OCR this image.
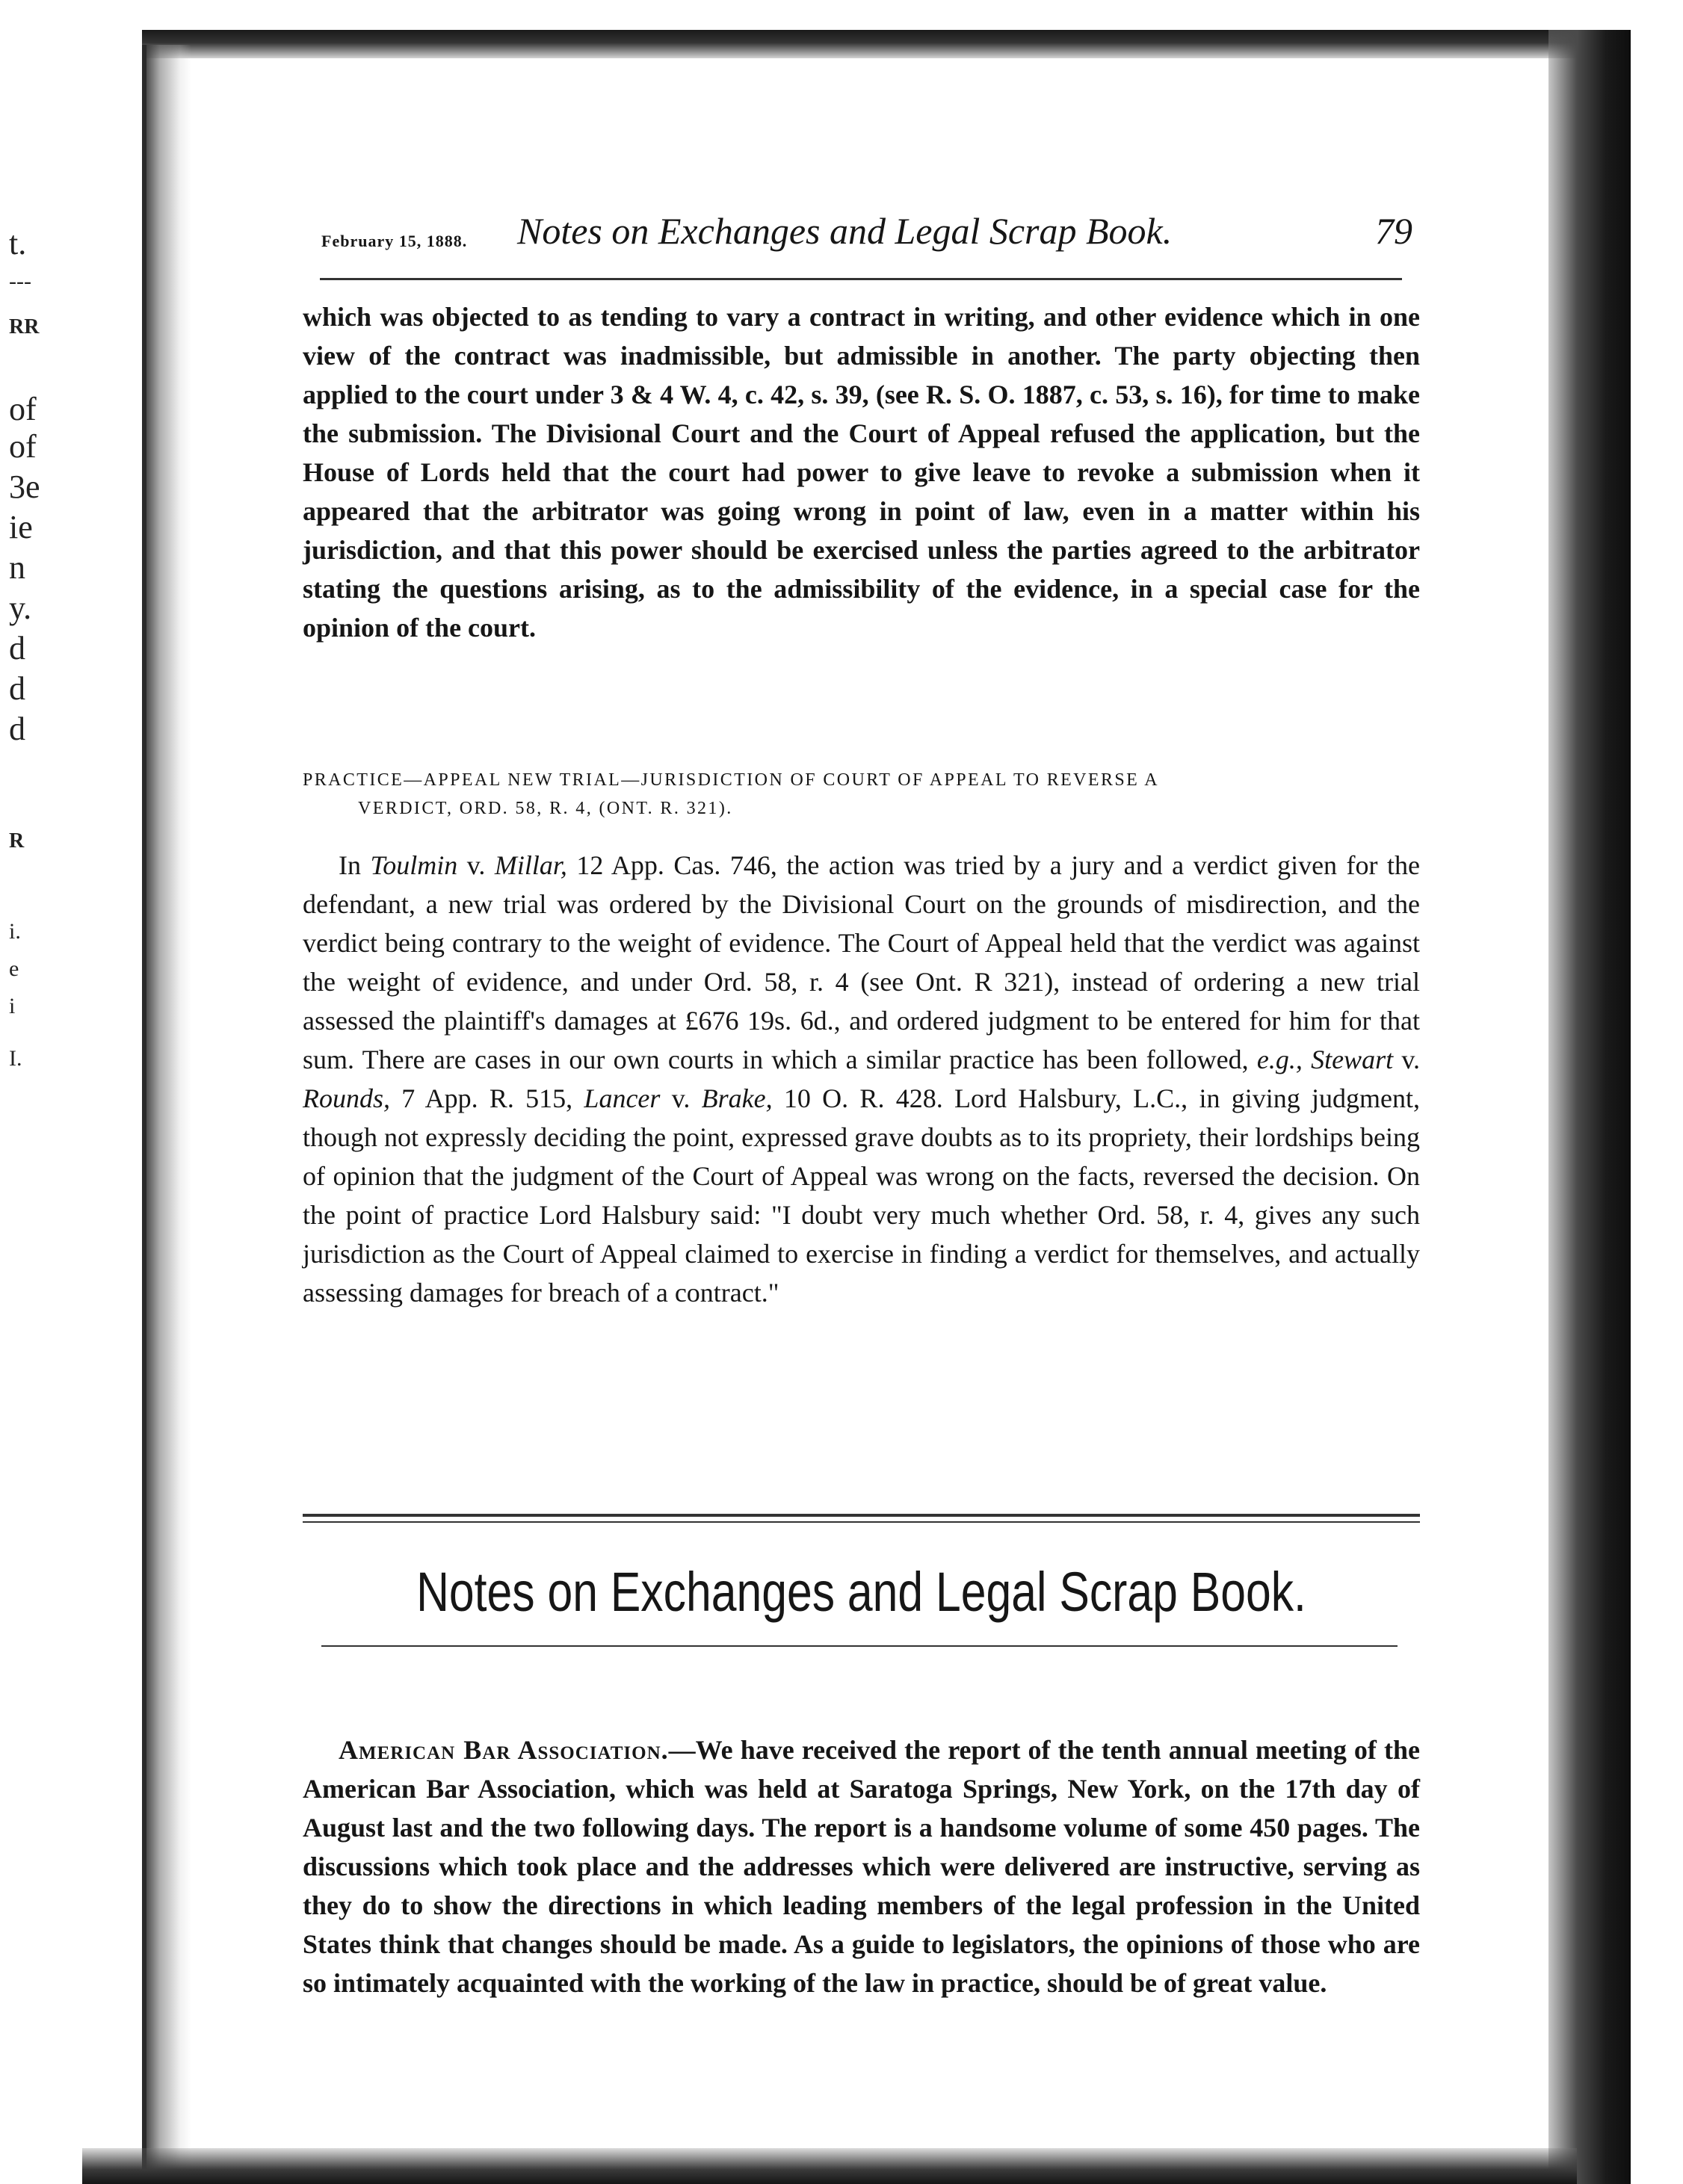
t.
---
RR
of
of
3e
ie
n
y.
d
d
d
R
i.
e
i
I.
February 15, 1888. Notes on Exchanges and Legal Scrap Book.	79

which was objected to as tending to vary a contract in writing, and other evidence which in one view of the contract was inadmissible, but admissible in another. The party objecting then applied to the court under 3 & 4 W. 4, c. 42, s. 39, (see R. S. O. 1887, c. 53, s. 16), for time to make the submission. The Divisional Court and the Court of Appeal refused the application, but the House of Lords held that the court had power to give leave to revoke a submission when it appeared that the arbitrator was going wrong in point of law, even in a matter within his jurisdiction, and that this power should be exercised unless the parties agreed to the arbitrator stating the questions arising, as to the admissibility of the evidence, in a special case for the opinion of the court.

PRACTICE—APPEAL NEW TRIAL—JURISDICTION OF COURT OF APPEAL TO REVERSE A
VERDICT, ORD. 58, R. 4, (ONT. R. 321).

In Toulmin v. Millar, 12 App. Cas. 746, the action was tried by a jury and a verdict given for the defendant, a new trial was ordered by the Divisional Court on the grounds of misdirection, and the verdict being contrary to the weight of evidence. The Court of Appeal held that the verdict was against the weight of evidence, and under Ord. 58, r. 4 (see Ont. R 321), instead of ordering a new trial assessed the plaintiff's damages at £676 19s. 6d., and ordered judgment to be entered for him for that sum. There are cases in our own courts in which a similar practice has been followed, e.g., Stewart v. Rounds, 7 App. R. 515, Lancer v. Brake, 10 O. R. 428. Lord Halsbury, L.C., in giving judgment, though not expressly deciding the point, expressed grave doubts as to its propriety, their lordships being of opinion that the judgment of the Court of Appeal was wrong on the facts, reversed the decision. On the point of practice Lord Halsbury said: "I doubt very much whether Ord. 58, r. 4, gives any such jurisdiction as the Court of Appeal claimed to exercise in finding a verdict for themselves, and actually assessing damages for breach of a contract."

Notes on Exchanges and Legal Scrap Book.

American Bar Association.—We have received the report of the tenth annual meeting of the American Bar Association, which was held at Saratoga Springs, New York, on the 17th day of August last and the two following days. The report is a handsome volume of some 450 pages. The discussions which took place and the addresses which were delivered are instructive, serving as they do to show the directions in which leading members of the legal profession in the United States think that changes should be made. As a guide to legislators, the opinions of those who are so intimately acquainted with the working of the law in practice, should be of great value.
